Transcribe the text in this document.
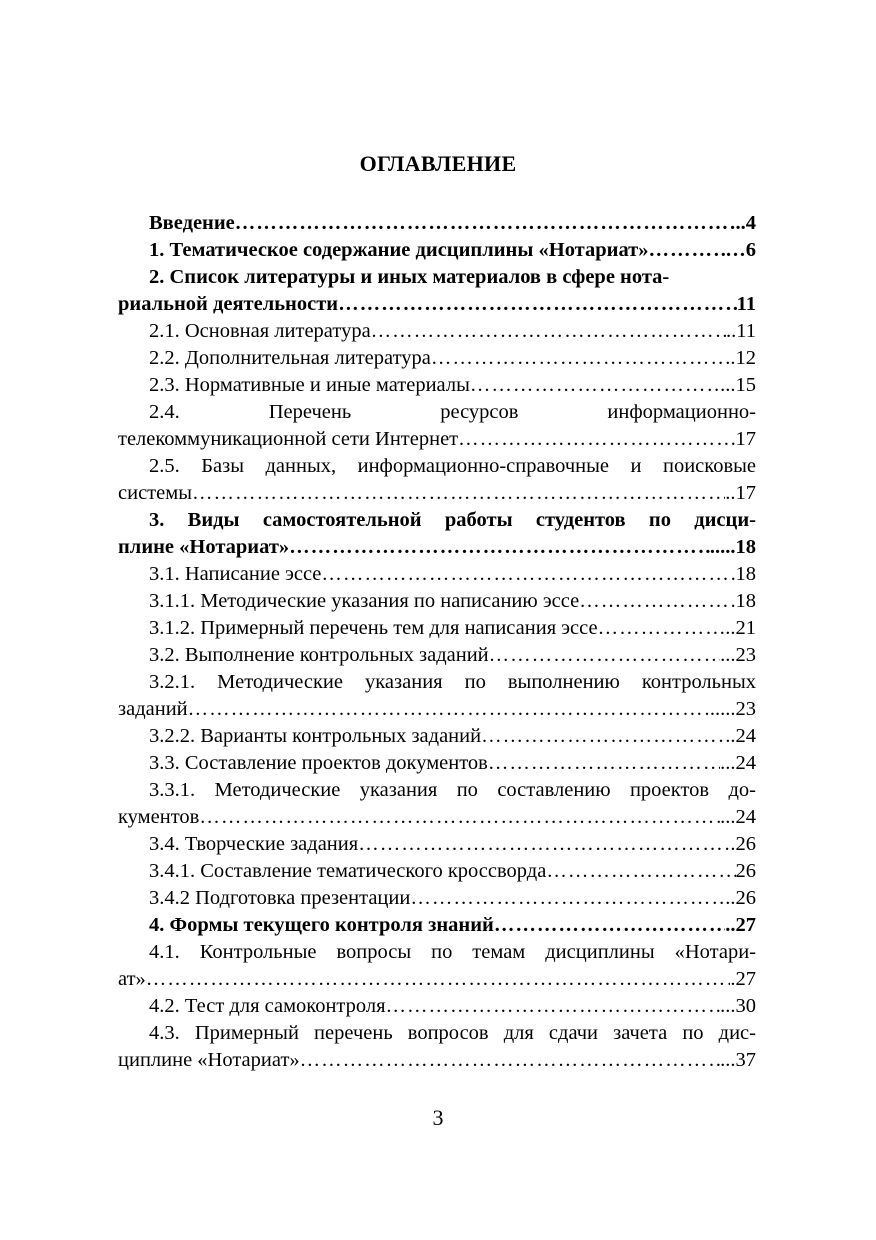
ОГЛАВЛЕНИЕ
Введение ……………………………………………………………………………………………………………………………………	..4
1. Тематическое содержание дисциплины «Нотариат» ……………………………………………………………………………………………………………………………………	…6
2. Список литературы и иных материалов в сфере нота-
риальной деятельности ……………………………………………………………………………………………………………………………………	11
2.1. Основная литература ……………………………………………………………………………………………………………………………………	..11
2.2. Дополнительная литература ……………………………………………………………………………………………………………………………………	..12
2.3. Нормативные и иные материалы ……………………………………………………………………………………………………………………………………	...15
2.4. Перечень ресурсов информационно-
телекоммуникационной сети Интернет ……………………………………………………………………………………………………………………………………	17
2.5. Базы данных, информационно-справочные и поисковые
системы ……………………………………………………………………………………………………………………………………	..17
3. Виды самостоятельной работы студентов по дисци-
плине «Нотариат» ……………………………………………………………………………………………………………………………………	.....18
3.1. Написание эссе ……………………………………………………………………………………………………………………………………	18
3.1.1. Методические указания по написанию эссе ……………………………………………………………………………………………………………………………………	18
3.1.2. Примерный перечень тем для написания эссе ……………………………………………………………………………………………………………………………………	..21
3.2. Выполнение контрольных заданий ……………………………………………………………………………………………………………………………………	...23
3.2.1. Методические указания по выполнению контрольных
заданий ……………………………………………………………………………………………………………………………………	.....23
3.2.2. Варианты контрольных заданий ……………………………………………………………………………………………………………………………………	.24
3.3. Составление проектов документов ……………………………………………………………………………………………………………………………………	...24
3.3.1. Методические указания по составлению проектов до-
кументов ……………………………………………………………………………………………………………………………………	...24
3.4. Творческие задания ……………………………………………………………………………………………………………………………………	.26
3.4.1. Составление тематического кроссворда ……………………………………………………………………………………………………………………………………	26
3.4.2 Подготовка презентации ……………………………………………………………………………………………………………………………………	..26
4. Формы текущего контроля знаний ……………………………………………………………………………………………………………………………………	..27
4.1. Контрольные вопросы по темам дисциплины «Нотари-
ат» ……………………………………………………………………………………………………………………………………	.27
4.2. Тест для самоконтроля ……………………………………………………………………………………………………………………………………	...30
4.3. Примерный перечень вопросов для сдачи зачета по дис-
циплине «Нотариат» ……………………………………………………………………………………………………………………………………	...37
3
